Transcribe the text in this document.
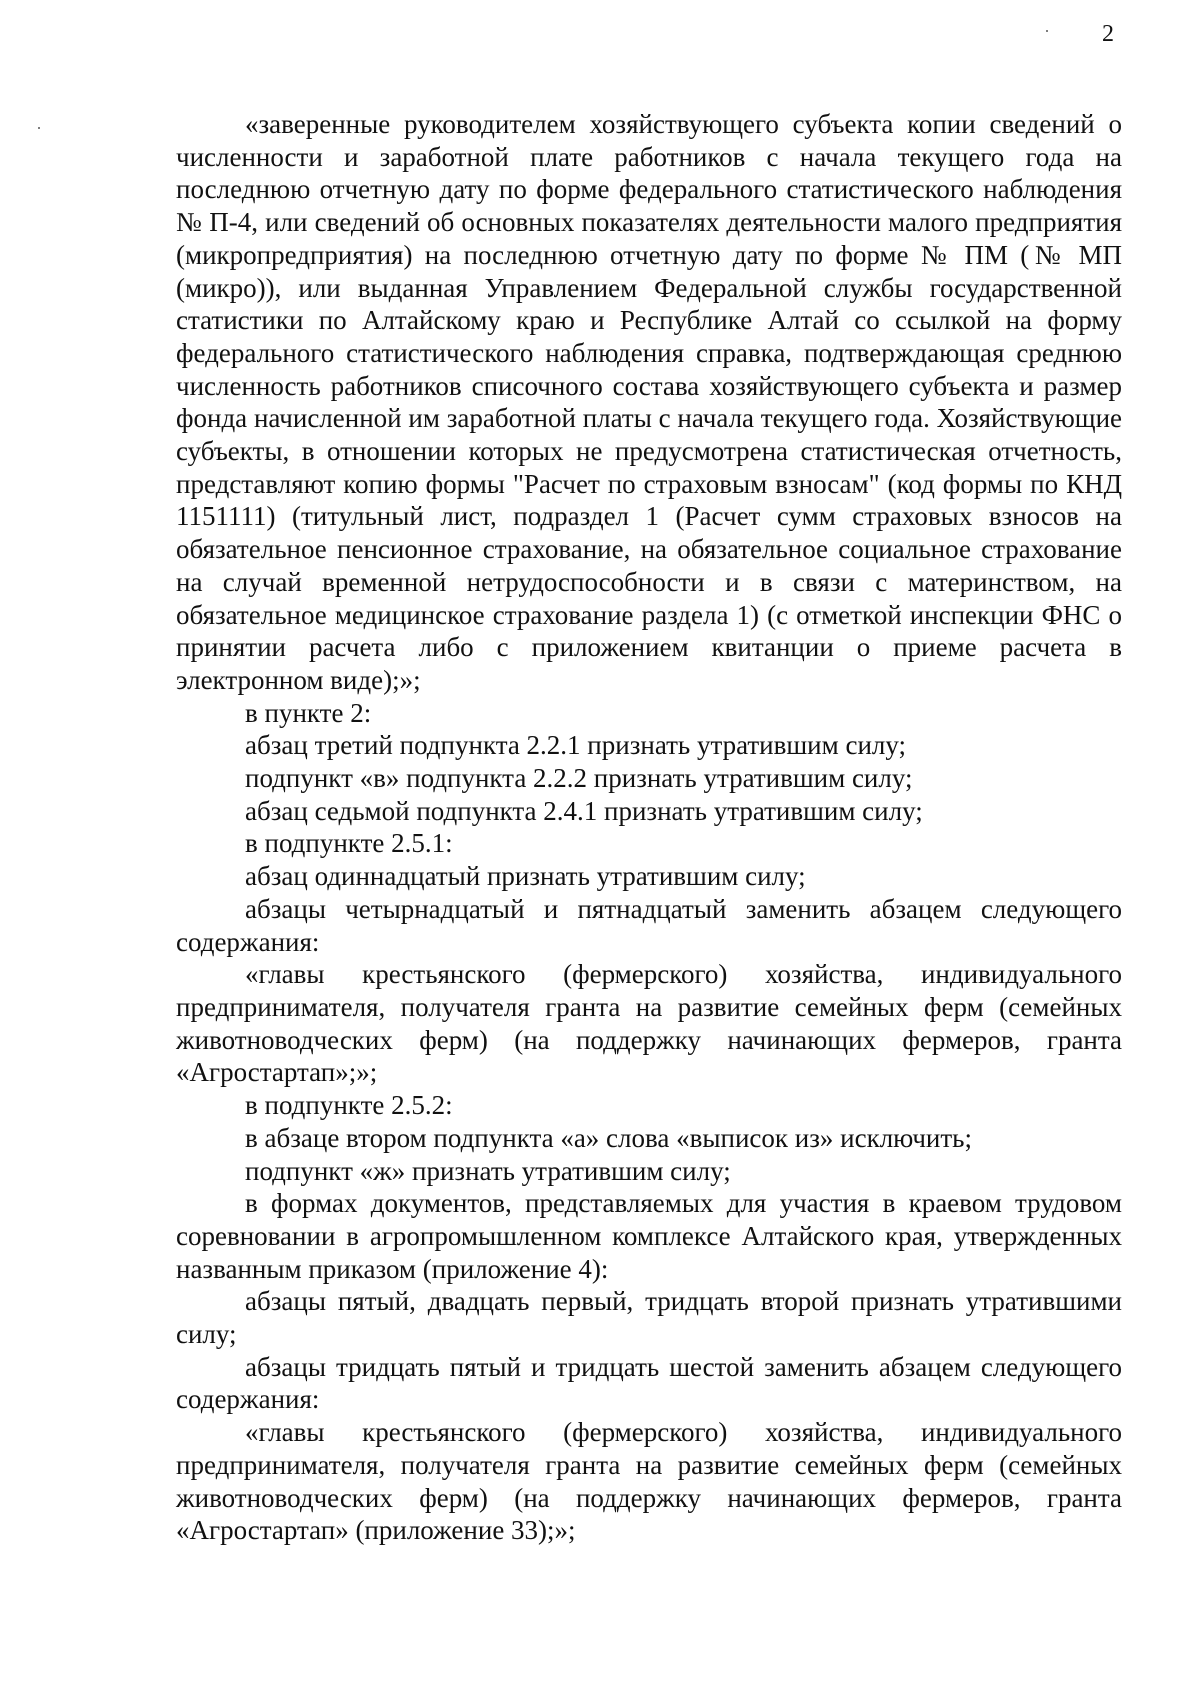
2

«заверенные руководителем хозяйствующего субъекта копии сведений о численности и заработной плате работников с начала текущего года на последнюю отчетную дату по форме федерального статистического наблюдения № П-4, или сведений об основных показателях деятельности малого предприятия (микропредприятия) на последнюю отчетную дату по форме № ПМ (№ МП (микро)), или выданная Управлением Федеральной службы государственной статистики по Алтайскому краю и Республике Алтай со ссылкой на форму федерального статистического наблюдения справка, подтверждающая среднюю численность работников списочного состава хозяйствующего субъекта и размер фонда начисленной им заработной платы с начала текущего года. Хозяйствующие субъекты, в отношении которых не предусмотрена статистическая отчетность, представляют копию формы "Расчет по страховым взносам" (код формы по КНД 1151111) (титульный лист, подраздел 1 (Расчет сумм страховых взносов на обязательное пенсионное страхование, на обязательное социальное страхование на случай временной нетрудоспособности и в связи с материнством, на обязательное медицинское страхование раздела 1) (с отметкой инспекции ФНС о принятии расчета либо с приложением квитанции о приеме расчета в электронном виде);»;

в пункте 2:

абзац третий подпункта 2.2.1 признать утратившим силу;

подпункт «в» подпункта 2.2.2 признать утратившим силу;

абзац седьмой подпункта 2.4.1 признать утратившим силу;

в подпункте 2.5.1:

абзац одиннадцатый признать утратившим силу;

абзацы четырнадцатый и пятнадцатый заменить абзацем следующего содержания:

«главы крестьянского (фермерского) хозяйства, индивидуального предпринимателя, получателя гранта на развитие семейных ферм (семейных животноводческих ферм) (на поддержку начинающих фермеров, гранта «Агростартап»;»;

в подпункте 2.5.2:

в абзаце втором подпункта «а» слова «выписок из» исключить;

подпункт «ж» признать утратившим силу;

в формах документов, представляемых для участия в краевом трудовом соревновании в агропромышленном комплексе Алтайского края, утвержденных названным приказом (приложение 4):

абзацы пятый, двадцать первый, тридцать второй признать утратившими силу;

абзацы тридцать пятый и тридцать шестой заменить абзацем следующего содержания:

«главы крестьянского (фермерского) хозяйства, индивидуального предпринимателя, получателя гранта на развитие семейных ферм (семейных животноводческих ферм) (на поддержку начинающих фермеров, гранта «Агростартап» (приложение 33);»;
